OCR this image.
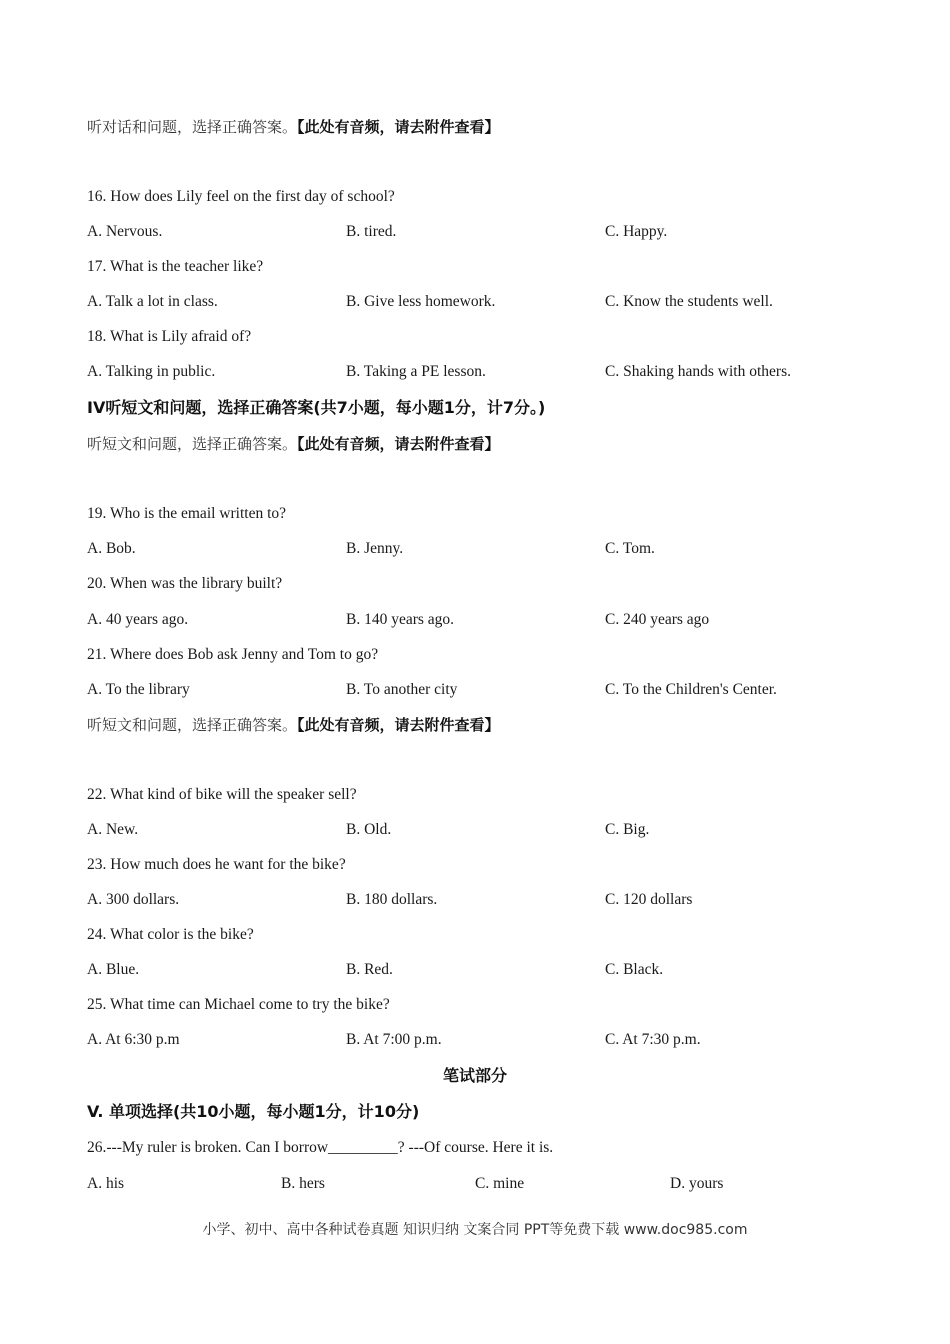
听对话和问题，选择正确答案。【此处有音频，请去附件查看】
16. How does Lily feel on the first day of school?
A. Nervous.	B. tired.	C. Happy.
17. What is the teacher like?
A. Talk a lot in class.	B. Give less homework.	C. Know the students well.
18. What is Lily afraid of?
A. Talking in public.	B. Taking a PE lesson.	C. Shaking hands with others.
IV听短文和问题，选择正确答案(共7小题，每小题1分，计7分。)
听短文和问题，选择正确答案。【此处有音频，请去附件查看】
19. Who is the email written to?
A. Bob.	B. Jenny.	C. Tom.
20. When was the library built?
A. 40 years ago.	B. 140 years ago.	C. 240 years ago
21. Where does Bob ask Jenny and Tom to go?
A. To the library	B. To another city	C. To the Children's Center.
听短文和问题，选择正确答案。【此处有音频，请去附件查看】
22. What kind of bike will the speaker sell?
A. New.	B. Old.	C. Big.
23. How much does he want for the bike?
A. 300 dollars.	B. 180 dollars.	C. 120 dollars
24. What color is the bike?
A. Blue.	B. Red.	C. Black.
25. What time can Michael come to try the bike?
A. At 6:30 p.m	B. At 7:00 p.m.	C. At 7:30 p.m.
笔试部分
V. 单项选择(共10小题，每小题1分，计10分)
26.---My ruler is broken. Can I borrow_________? ---Of course. Here it is.
A. his	B. hers	C. mine	D. yours
小学、初中、高中各种试卷真题 知识归纳 文案合同 PPT等免费下载 www.doc985.com
